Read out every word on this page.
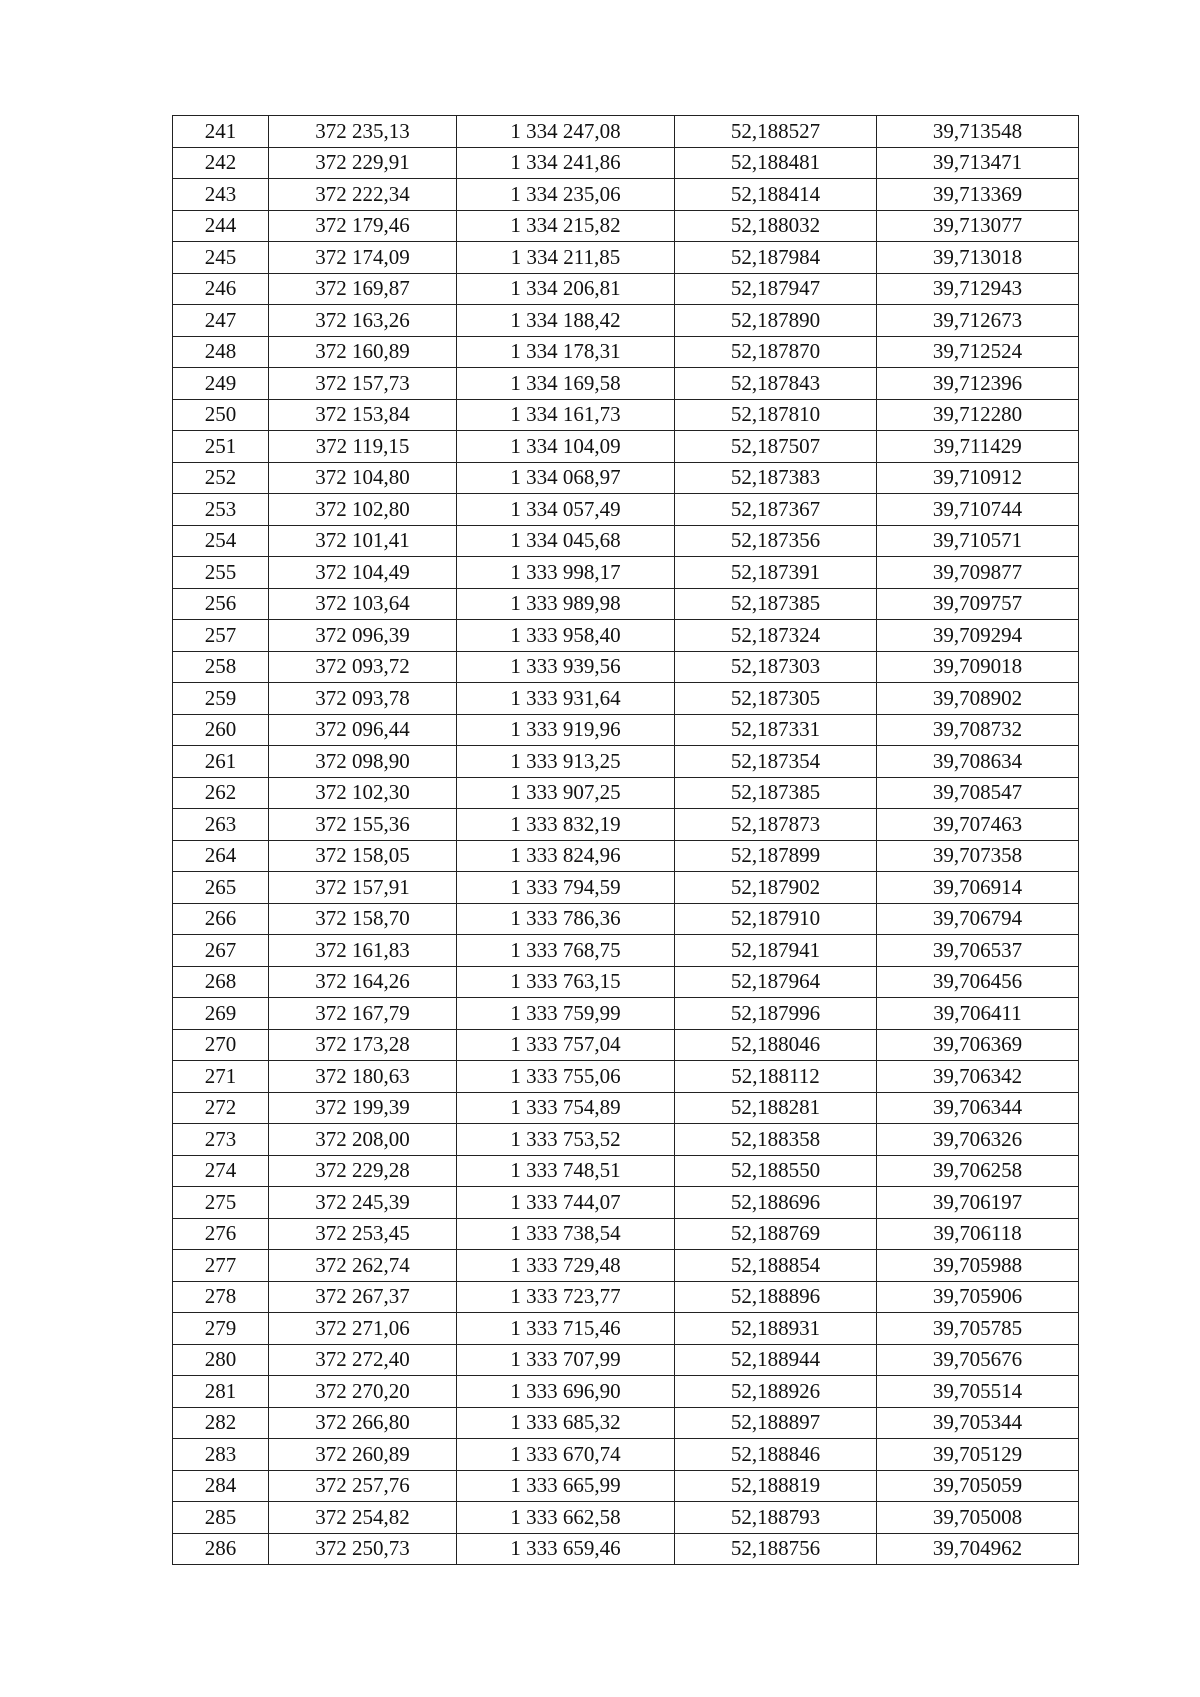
241	372 235,13	1 334 247,08	52,188527	39,713548
242	372 229,91	1 334 241,86	52,188481	39,713471
243	372 222,34	1 334 235,06	52,188414	39,713369
244	372 179,46	1 334 215,82	52,188032	39,713077
245	372 174,09	1 334 211,85	52,187984	39,713018
246	372 169,87	1 334 206,81	52,187947	39,712943
247	372 163,26	1 334 188,42	52,187890	39,712673
248	372 160,89	1 334 178,31	52,187870	39,712524
249	372 157,73	1 334 169,58	52,187843	39,712396
250	372 153,84	1 334 161,73	52,187810	39,712280
251	372 119,15	1 334 104,09	52,187507	39,711429
252	372 104,80	1 334 068,97	52,187383	39,710912
253	372 102,80	1 334 057,49	52,187367	39,710744
254	372 101,41	1 334 045,68	52,187356	39,710571
255	372 104,49	1 333 998,17	52,187391	39,709877
256	372 103,64	1 333 989,98	52,187385	39,709757
257	372 096,39	1 333 958,40	52,187324	39,709294
258	372 093,72	1 333 939,56	52,187303	39,709018
259	372 093,78	1 333 931,64	52,187305	39,708902
260	372 096,44	1 333 919,96	52,187331	39,708732
261	372 098,90	1 333 913,25	52,187354	39,708634
262	372 102,30	1 333 907,25	52,187385	39,708547
263	372 155,36	1 333 832,19	52,187873	39,707463
264	372 158,05	1 333 824,96	52,187899	39,707358
265	372 157,91	1 333 794,59	52,187902	39,706914
266	372 158,70	1 333 786,36	52,187910	39,706794
267	372 161,83	1 333 768,75	52,187941	39,706537
268	372 164,26	1 333 763,15	52,187964	39,706456
269	372 167,79	1 333 759,99	52,187996	39,706411
270	372 173,28	1 333 757,04	52,188046	39,706369
271	372 180,63	1 333 755,06	52,188112	39,706342
272	372 199,39	1 333 754,89	52,188281	39,706344
273	372 208,00	1 333 753,52	52,188358	39,706326
274	372 229,28	1 333 748,51	52,188550	39,706258
275	372 245,39	1 333 744,07	52,188696	39,706197
276	372 253,45	1 333 738,54	52,188769	39,706118
277	372 262,74	1 333 729,48	52,188854	39,705988
278	372 267,37	1 333 723,77	52,188896	39,705906
279	372 271,06	1 333 715,46	52,188931	39,705785
280	372 272,40	1 333 707,99	52,188944	39,705676
281	372 270,20	1 333 696,90	52,188926	39,705514
282	372 266,80	1 333 685,32	52,188897	39,705344
283	372 260,89	1 333 670,74	52,188846	39,705129
284	372 257,76	1 333 665,99	52,188819	39,705059
285	372 254,82	1 333 662,58	52,188793	39,705008
286	372 250,73	1 333 659,46	52,188756	39,704962
